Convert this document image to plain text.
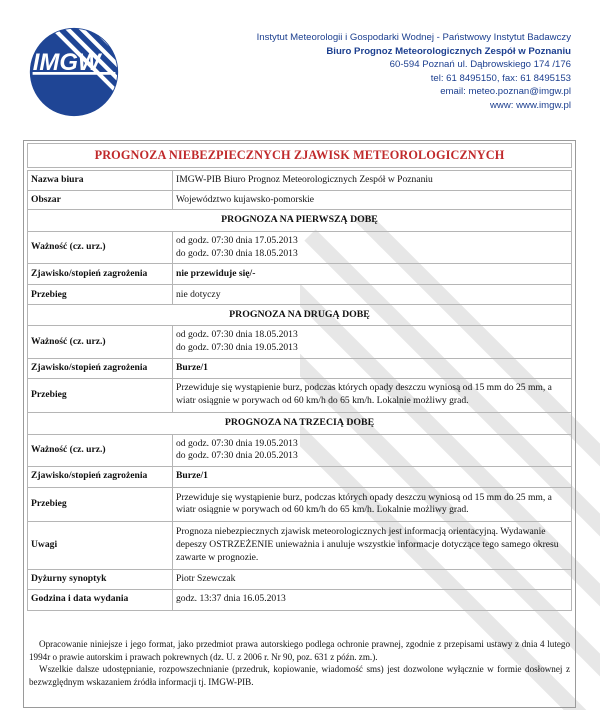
IMGW
Instytut Meteorologii i Gospodarki Wodnej - Państwowy Instytut Badawczy
Biuro Prognoz Meteorologicznych Zespół w Poznaniu
60-594 Poznań ul. Dąbrowskiego 174 /176
tel: 61 8495150, fax: 61 8495153
email: meteo.poznan@imgw.pl
www: www.imgw.pl
PROGNOZA NIEBEZPIECZNYCH ZJAWISK METEOROLOGICZNYCH
Nazwa biura	IMGW-PIB Biuro Prognoz Meteorologicznych Zespół w Poznaniu
Obszar	Województwo kujawsko-pomorskie
PROGNOZA NA PIERWSZĄ DOBĘ	
Ważność (cz. urz.)	od godz. 07:30 dnia 17.05.2013
do godz. 07:30 dnia 18.05.2013

Zjawisko/stopień zagrożenia	nie przewiduje się/-
Przebieg	nie dotyczy
PROGNOZA NA DRUGĄ DOBĘ	
Ważność (cz. urz.)	od godz. 07:30 dnia 18.05.2013
do godz. 07:30 dnia 19.05.2013

Zjawisko/stopień zagrożenia	Burze/1
Przebieg	Przewiduje się wystąpienie burz, podczas których opady deszczu wyniosą od 15 mm do 25 mm, a wiatr osiągnie w porywach od 60 km/h do 65 km/h. Lokalnie możliwy grad.
PROGNOZA NA TRZECIĄ DOBĘ	
Ważność (cz. urz.)	od godz. 07:30 dnia 19.05.2013
do godz. 07:30 dnia 20.05.2013

Zjawisko/stopień zagrożenia	Burze/1
Przebieg	Przewiduje się wystąpienie burz, podczas których opady deszczu wyniosą od 15 mm do 25 mm, a wiatr osiągnie w porywach od 60 km/h do 65 km/h. Lokalnie możliwy grad.
Uwagi	Prognoza niebezpiecznych zjawisk meteorologicznych jest informacją orientacyjną. Wydawanie depeszy OSTRZEŻENIE unieważnia i anuluje wszystkie informacje dotyczące tego samego okresu zawarte w prognozie.
Dyżurny synoptyk	Piotr Szewczak
Godzina i data wydania	godz. 13:37 dnia 16.05.2013

Opracowanie niniejsze i jego format, jako przedmiot prawa autorskiego podlega ochronie prawnej, zgodnie z przepisami ustawy z dnia 4 lutego 1994r o prawie autorskim i prawach pokrewnych (dz. U. z 2006 r. Nr 90, poz. 631 z późn. zm.).

Wszelkie dalsze udostępnianie, rozpowszechnianie (przedruk, kopiowanie, wiadomość sms) jest dozwolone wyłącznie w formie dosłownej z bezwzględnym wskazaniem źródła informacji tj. IMGW-PIB.
